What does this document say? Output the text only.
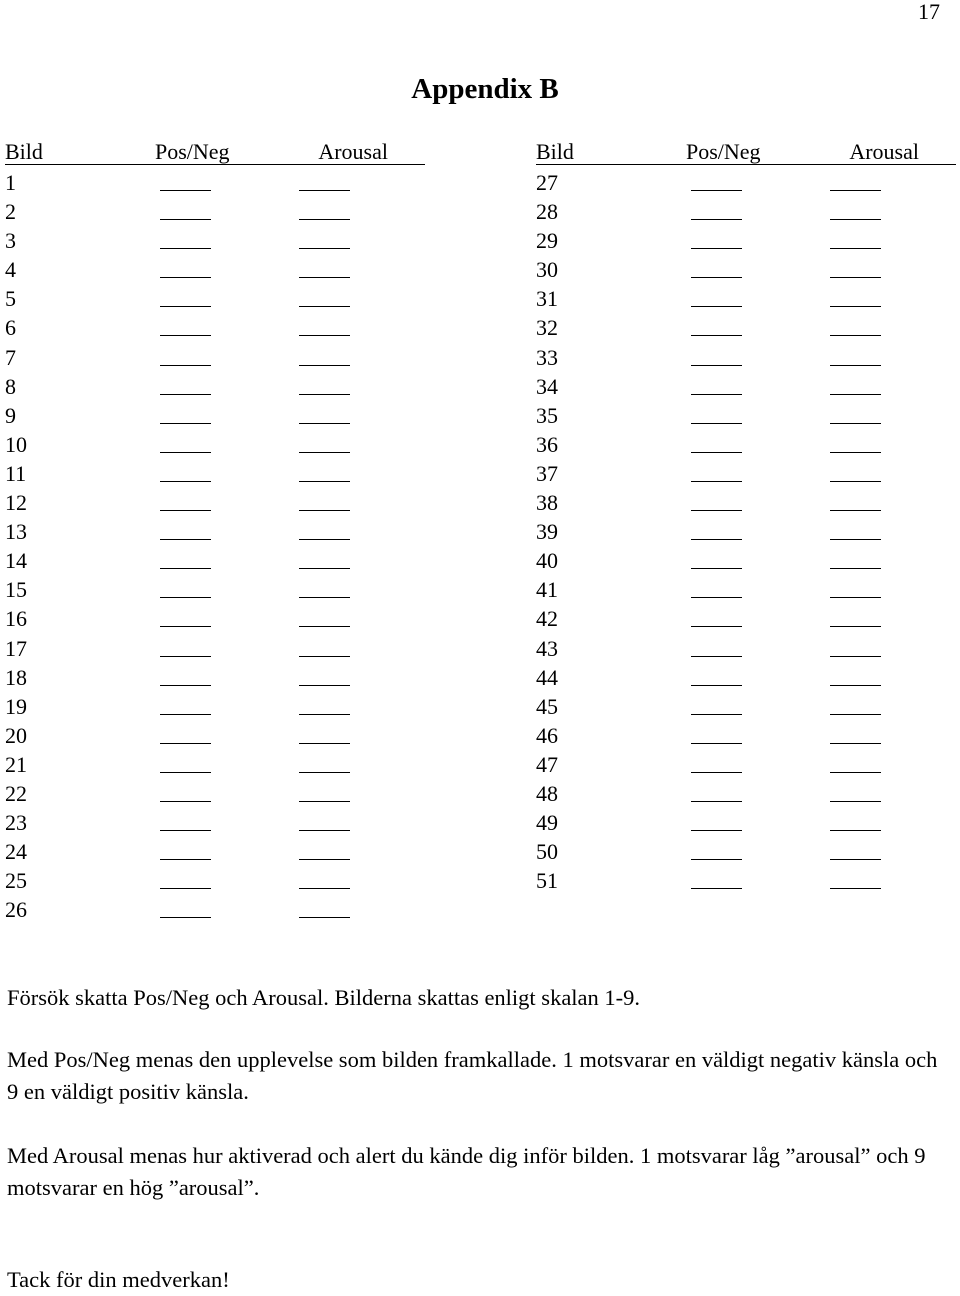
17
Appendix B
Bild	Pos/Neg	Arousal
1
2
3
4
5
6
7
8
9
10
11
12
13
14
15
16
17
18
19
20
21
22
23
24
25
26
Bild	Pos/Neg	Arousal
27
28
29
30
31
32
33
34
35
36
37
38
39
40
41
42
43
44
45
46
47
48
49
50
51

Försök skatta Pos/Neg och Arousal. Bilderna skattas enligt skalan 1-9.

Med Pos/Neg menas den upplevelse som bilden framkallade. 1 motsvarar en väldigt negativ känsla och 9 en väldigt positiv känsla.

Med Arousal menas hur aktiverad och alert du kände dig inför bilden. 1 motsvarar låg ”arousal” och 9 motsvarar en hög ”arousal”.

Tack för din medverkan!
